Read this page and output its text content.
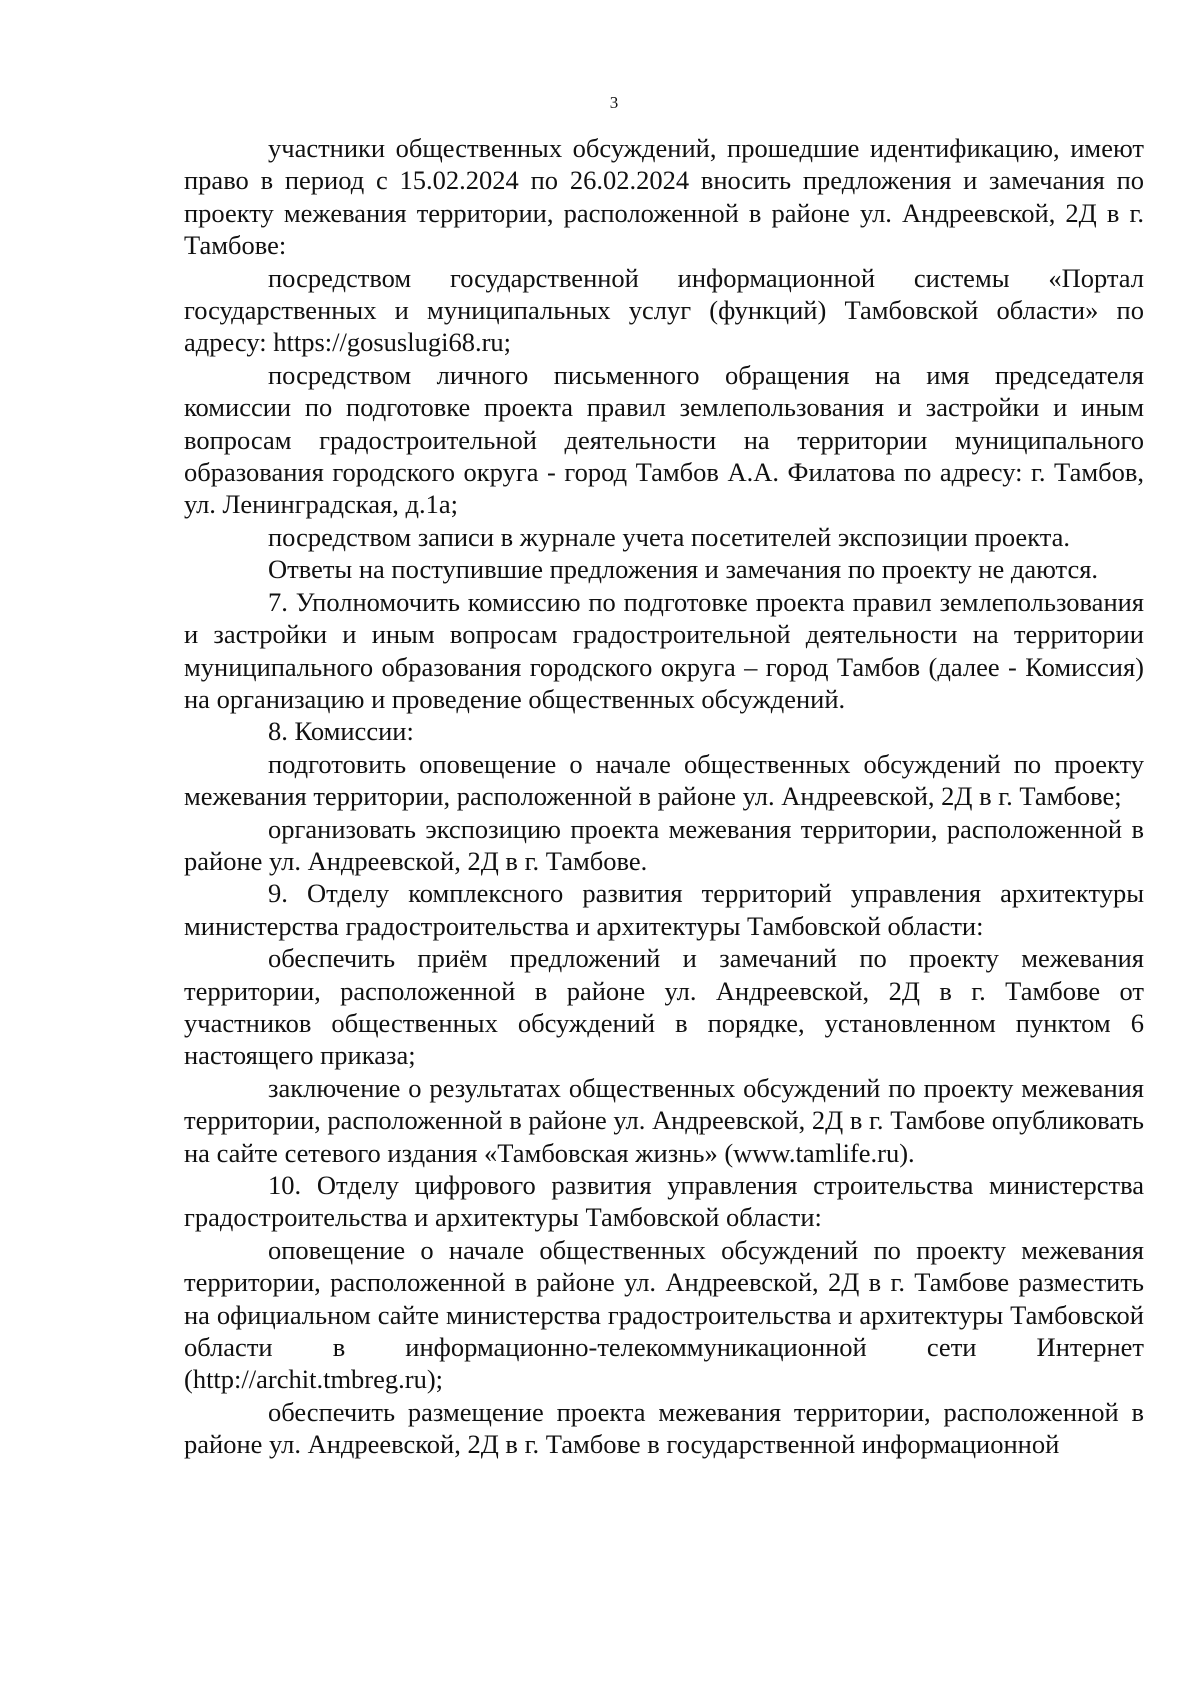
3

участники общественных обсуждений, прошедшие идентификацию, имеют право в период с 15.02.2024 по 26.02.2024 вносить предложения и замечания по проекту межевания территории, расположенной в районе ул. Андреевской, 2Д в г. Тамбове:

посредством государственной информационной системы «Портал государственных и муниципальных услуг (функций) Тамбовской области» по адресу: https://gosuslugi68.ru;

посредством личного письменного обращения на имя председателя комиссии по подготовке проекта правил землепользования и застройки и иным вопросам градостроительной деятельности на территории муниципального образования городского округа - город Тамбов А.А. Филатова по адресу: г. Тамбов, ул. Ленинградская, д.1а;

посредством записи в журнале учета посетителей экспозиции проекта.

Ответы на поступившие предложения и замечания по проекту не даются.

7. Уполномочить комиссию по подготовке проекта правил землепользования и застройки и иным вопросам градостроительной деятельности на территории муниципального образования городского округа – город Тамбов (далее - Комиссия) на организацию и проведение общественных обсуждений.

8. Комиссии:

подготовить оповещение о начале общественных обсуждений по проекту межевания территории, расположенной в районе ул. Андреевской, 2Д в г. Тамбове;

организовать экспозицию проекта межевания территории, расположенной в районе ул. Андреевской, 2Д в г. Тамбове.

9. Отделу комплексного развития территорий управления архитектуры министерства градостроительства и архитектуры Тамбовской области:

обеспечить приём предложений и замечаний по проекту межевания территории, расположенной в районе ул. Андреевской, 2Д в г. Тамбове от участников общественных обсуждений в порядке, установленном пунктом 6 настоящего приказа;

заключение о результатах общественных обсуждений по проекту межевания территории, расположенной в районе ул. Андреевской, 2Д в г. Тамбове опубликовать на сайте сетевого издания «Тамбовская жизнь» (www.tamlife.ru).

10. Отделу цифрового развития управления строительства министерства градостроительства и архитектуры Тамбовской области:

оповещение о начале общественных обсуждений по проекту межевания территории, расположенной в районе ул. Андреевской, 2Д в г. Тамбове разместить на официальном сайте министерства градостроительства и архитектуры Тамбовской области в информационно-телекоммуникационной сети Интернет (http://archit.tmbreg.ru);

обеспечить размещение проекта межевания территории, расположенной в районе ул. Андреевской, 2Д в г. Тамбове в государственной информационной
